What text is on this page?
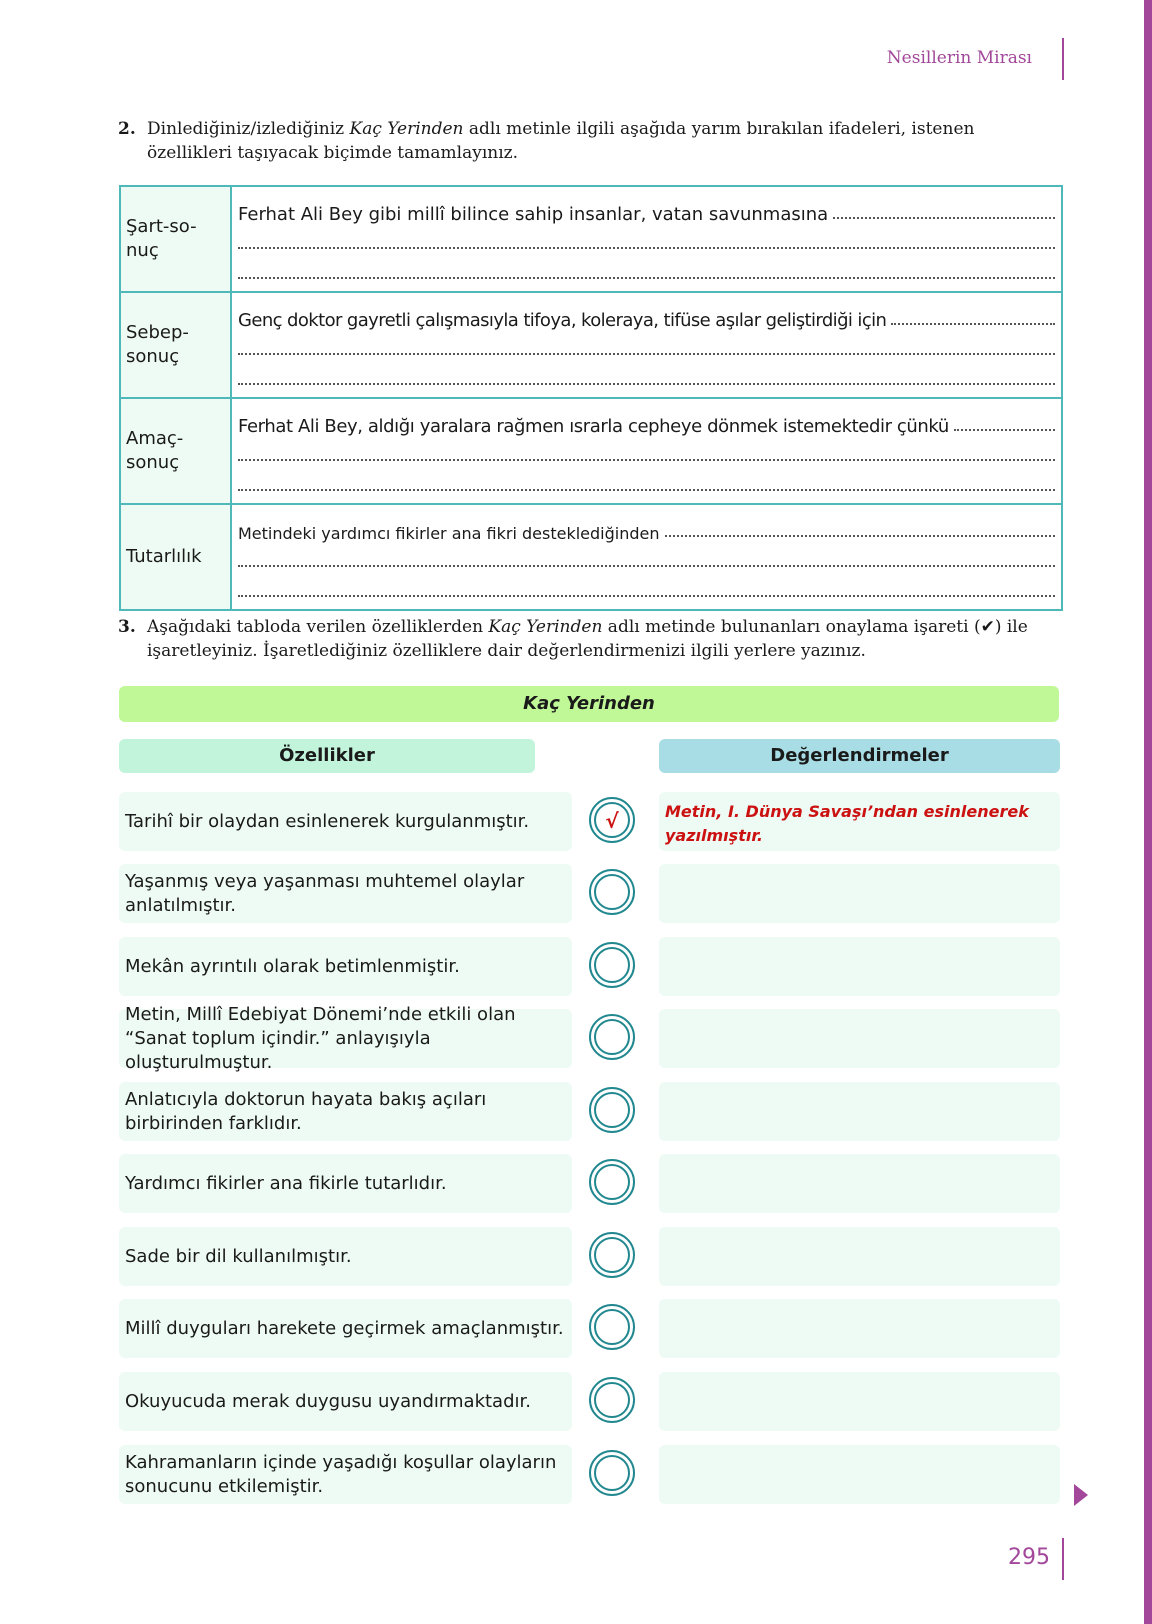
Nesillerin Mirası
2. Dinlediğiniz/izlediğiniz Kaç Yerinden adlı metinle ilgili aşağıda yarım bırakılan ifadeleri, istenen özellikleri taşıyacak biçimde tamamlayınız.
Şart-so-nuç	Ferhat Ali Bey gibi millî bilince sahip insanlar, vatan savunmasına

Sebep-sonuç	Genç doktor gayretli çalışmasıyla tifoya, koleraya, tifüse aşılar geliştirdiği için

Amaç-sonuç	Ferhat Ali Bey, aldığı yaralara rağmen ısrarla cepheye dönmek istemektedir çünkü

Tutarlılık	Metindeki yardımcı fikirler ana fikri desteklediğinden
3. Aşağıdaki tabloda verilen özelliklerden Kaç Yerinden adlı metinde bulunanları onaylama işareti (✔) ile işaretleyiniz. İşaretlediğiniz özelliklere dair değerlendirmenizi ilgili yerlere yazınız.
Kaç Yerinden
Özellikler	Değerlendirmeler
Tarihî bir olaydan esinlenerek kurgulanmıştır.	√	Metin, I. Dünya Savaşı’ndan esinlenerek yazılmıştır.
Yaşanmış veya yaşanması muhtemel olaylar anlatılmıştır.
Mekân ayrıntılı olarak betimlenmiştir.
Metin, Millî Edebiyat Dönemi’nde etkili olan “Sanat toplum içindir.” anlayışıyla oluşturulmuştur.
Anlatıcıyla doktorun hayata bakış açıları birbirinden farklıdır.
Yardımcı fikirler ana fikirle tutarlıdır.
Sade bir dil kullanılmıştır.
Millî duyguları harekete geçirmek amaçlanmıştır.
Okuyucuda merak duygusu uyandırmaktadır.
Kahramanların içinde yaşadığı koşullar olayların sonucunu etkilemiştir.
295
